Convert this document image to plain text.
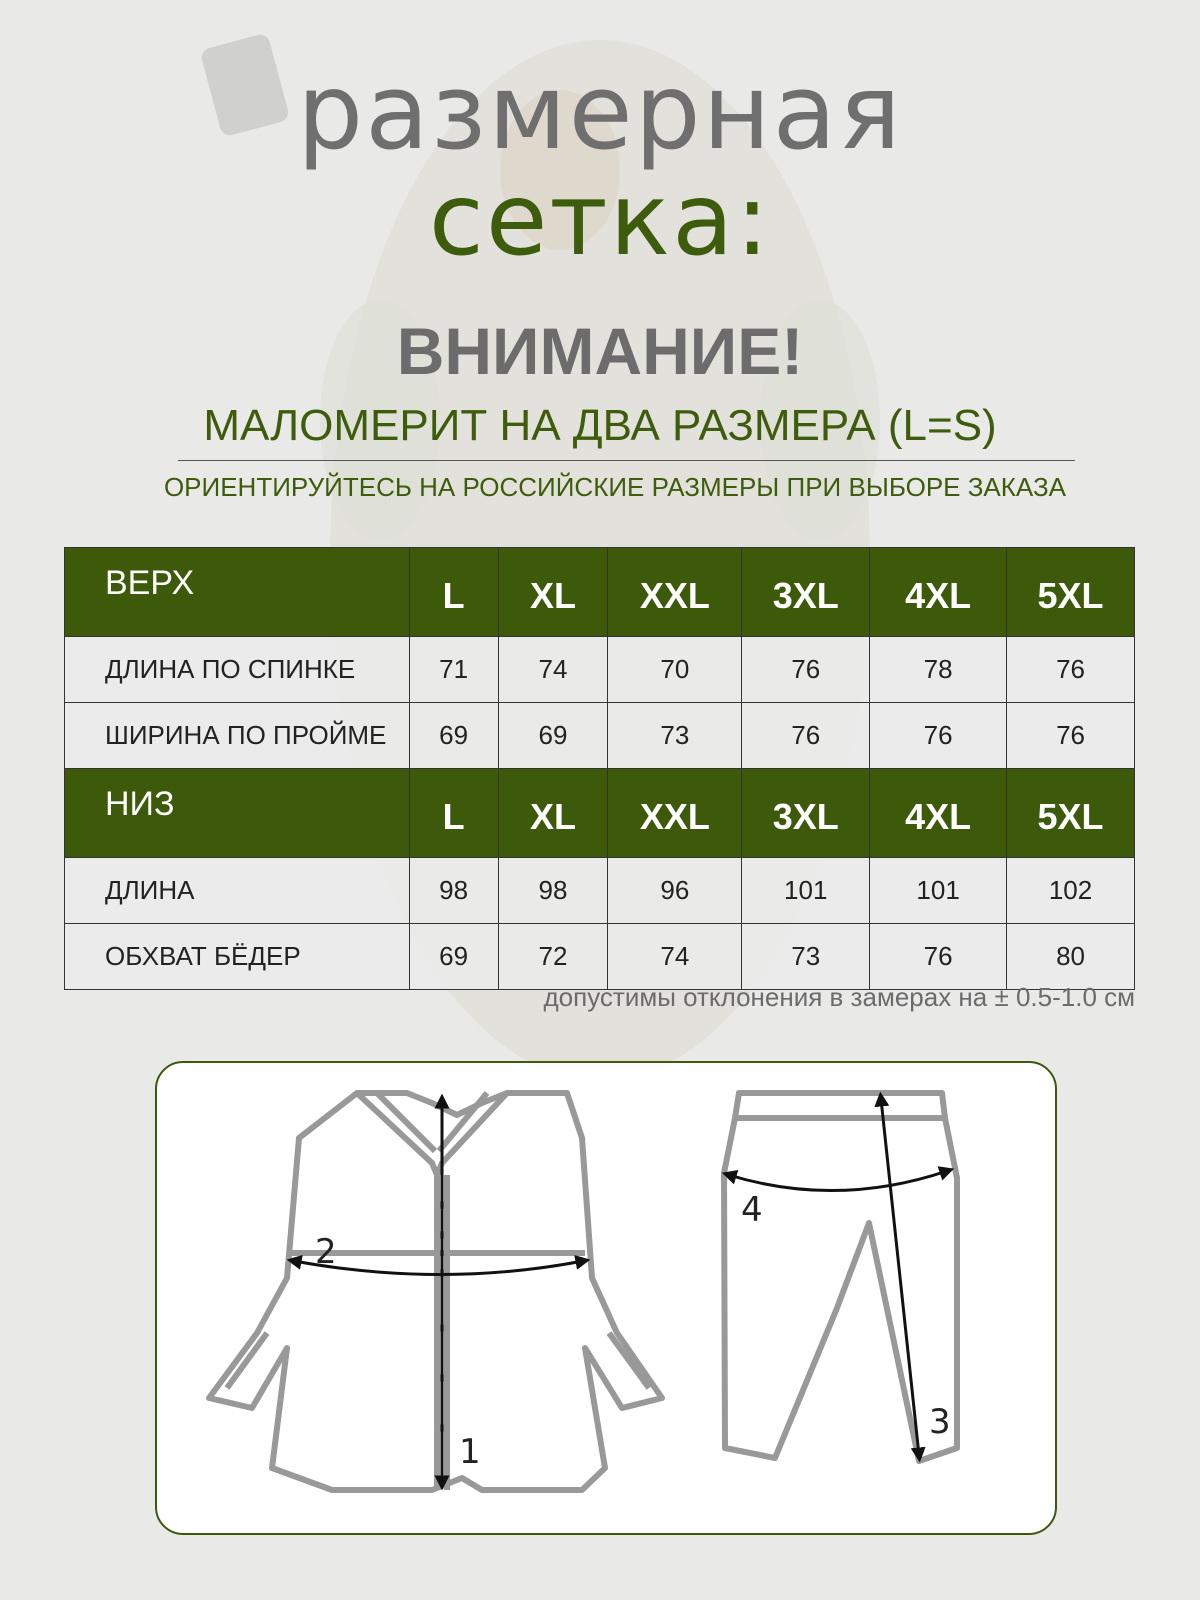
размерная
сетка:
ВНИМАНИЕ!
МАЛОМЕРИТ НА ДВА РАЗМЕРА (L=S)
ОРИЕНТИРУЙТЕСЬ НА РОССИЙСКИЕ РАЗМЕРЫ ПРИ ВЫБОРЕ ЗАКАЗА
ВЕРХ	L	XL	XXL	3XL	4XL	5XL
ДЛИНА ПО СПИНКЕ	71	74	70	76	78	76
ШИРИНА ПО ПРОЙМЕ	69	69	73	76	76	76
НИЗ	L	XL	XXL	3XL	4XL	5XL
ДЛИНА	98	98	96	101	101	102
ОБХВАТ БЁДЕР	69	72	74	73	76	80
допустимы отклонения в замерах на ± 0.5-1.0 см
1
2
3
4
